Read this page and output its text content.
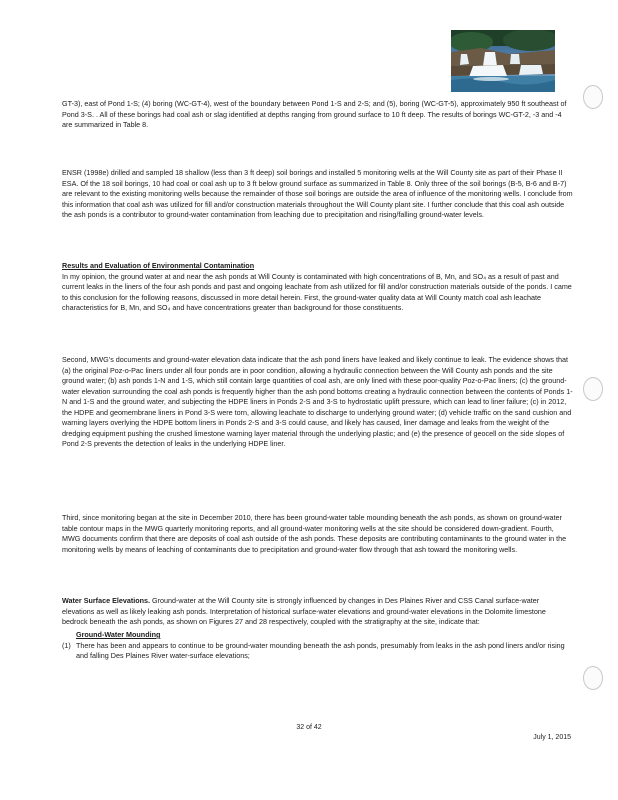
GT-3), east of Pond 1-S; (4) boring (WC-GT-4), west of the boundary between Pond 1-S and 2-S; and (5), boring (WC-GT-5), approximately 950 ft southeast of Pond 3-S. . All of these borings had coal ash or slag identified at depths ranging from ground surface to 10 ft deep. The results of borings WC-GT-2, -3 and -4 are summarized in Table 8.

ENSR (1998e) drilled and sampled 18 shallow (less than 3 ft deep) soil borings and installed 5 monitoring wells at the Will County site as part of their Phase II ESA. Of the 18 soil borings, 10 had coal or coal ash up to 3 ft below ground surface as summarized in Table 8. Only three of the soil borings (B-5, B-6 and B-7) are relevant to the existing monitoring wells because the remainder of those soil borings are outside the area of influence of the monitoring wells. I conclude from this information that coal ash was utilized for fill and/or construction materials throughout the Will County plant site. I further conclude that this coal ash outside the ash ponds is a contributor to ground-water contamination from leaching due to precipitation and rising/falling ground-water levels.

Results and Evaluation of Environmental Contamination

In my opinion, the ground water at and near the ash ponds at Will County is contaminated with high concentrations of B, Mn, and SO₄ as a result of past and current leaks in the liners of the four ash ponds and past and ongoing leachate from ash utilized for fill and/or construction materials outside of the ponds. I came to this conclusion for the following reasons, discussed in more detail herein. First, the ground-water quality data at Will County match coal ash leachate characteristics for B, Mn, and SO₄ and have concentrations greater than background for those constituents.

Second, MWG’s documents and ground-water elevation data indicate that the ash pond liners have leaked and likely continue to leak. The evidence shows that (a) the original Poz-o-Pac liners under all four ponds are in poor condition, allowing a hydraulic connection between the Will County ash ponds and the site ground water; (b) ash ponds 1-N and 1-S, which still contain large quantities of coal ash, are only lined with these poor-quality Poz-o-Pac liners; (c) the ground-water elevation surrounding the coal ash ponds is frequently higher than the ash pond bottoms creating a hydraulic connection between the contents of Ponds 1-N and 1-S and the ground water, and subjecting the HDPE liners in Ponds 2-S and 3-S to hydrostatic uplift pressure, which can lead to liner failure; (c) in 2012, the HDPE and geomembrane liners in Pond 3-S were torn, allowing leachate to discharge to underlying ground water; (d) vehicle traffic on the sand cushion and warning layers overlying the HDPE bottom liners in Ponds 2-S and 3-S could cause, and likely has caused, liner damage and leaks from the weight of the dredging equipment pushing the crushed limestone warning layer material through the underlying plastic; and (e) the presence of geocell on the side slopes of Pond 2-S prevents the detection of leaks in the underlying HDPE liner.

Third, since monitoring began at the site in December 2010, there has been ground-water table mounding beneath the ash ponds, as shown on ground-water table contour maps in the MWG quarterly monitoring reports, and all ground-water monitoring wells at the site should be considered down-gradient. Fourth, MWG documents confirm that there are deposits of coal ash outside of the ash ponds. These deposits are contributing contaminants to the ground water in the monitoring wells by means of leaching of contaminants due to precipitation and ground-water flow through that ash toward the monitoring wells.

Water Surface Elevations. Ground-water at the Will County site is strongly influenced by changes in Des Plaines River and CSS Canal surface-water elevations as well as likely leaking ash ponds. Interpretation of historical surface-water elevations and ground-water elevations in the Dolomite limestone bedrock beneath the ash ponds, as shown on Figures 27 and 28 respectively, coupled with the stratigraphy at the site, indicate that:

Ground-Water Mounding

(1) There has been and appears to continue to be ground-water mounding beneath the ash ponds, presumably from leaks in the ash pond liners and/or rising and falling Des Plaines River water-surface elevations;
32 of 42
July 1, 2015
